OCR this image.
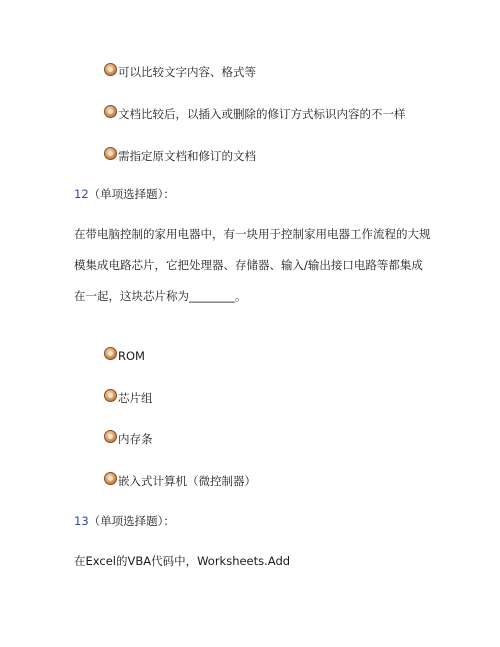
可以比较文字内容、格式等
文档比较后，以插入或删除的修订方式标识内容的不一样
需指定原文档和修订的文档
12（单项选择题）：
在带电脑控制的家用电器中，有一块用于控制家用电器工作流程的大规
模集成电路芯片，它把处理器、存储器、输入/输出接口电路等都集成
在一起，这块芯片称为________。
ROM
芯片组
内存条
嵌入式计算机（微控制器）
13（单项选择题）：
在Excel的VBA代码中，Worksheets.Add
